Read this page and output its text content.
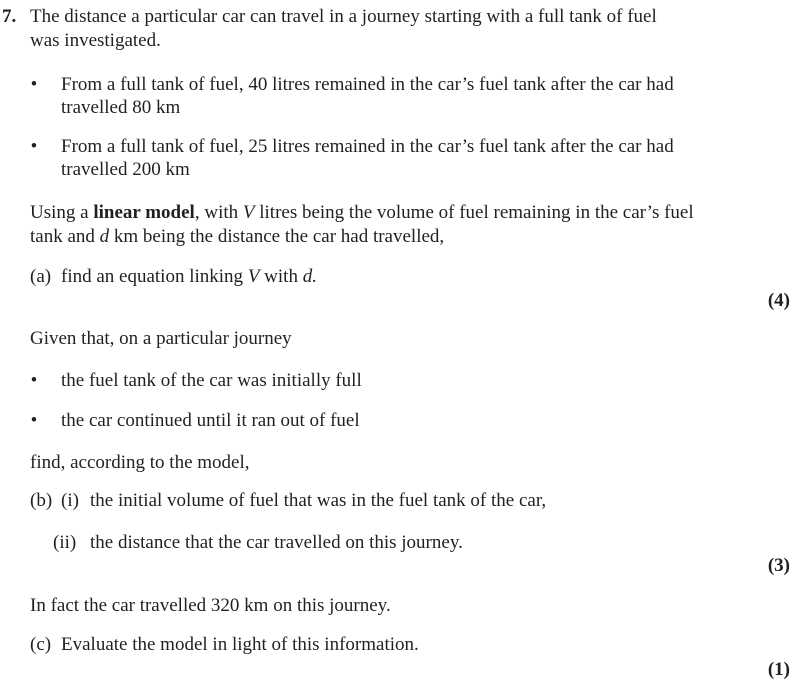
7. The distance a particular car can travel in a journey starting with a full tank of fuel
was investigated.
• From a full tank of fuel, 40 litres remained in the car’s fuel tank after the car had
travelled 80 km
• From a full tank of fuel, 25 litres remained in the car’s fuel tank after the car had
travelled 200 km
Using a linear model, with V litres being the volume of fuel remaining in the car’s fuel
tank and d km being the distance the car had travelled,
(a) find an equation linking V with d.
(4)
Given that, on a particular journey
• the fuel tank of the car was initially full
• the car continued until it ran out of fuel
find, according to the model,
(b) (i) the initial volume of fuel that was in the fuel tank of the car,
(ii) the distance that the car travelled on this journey.
(3)
In fact the car travelled 320 km on this journey.
(c) Evaluate the model in light of this information.
(1)
